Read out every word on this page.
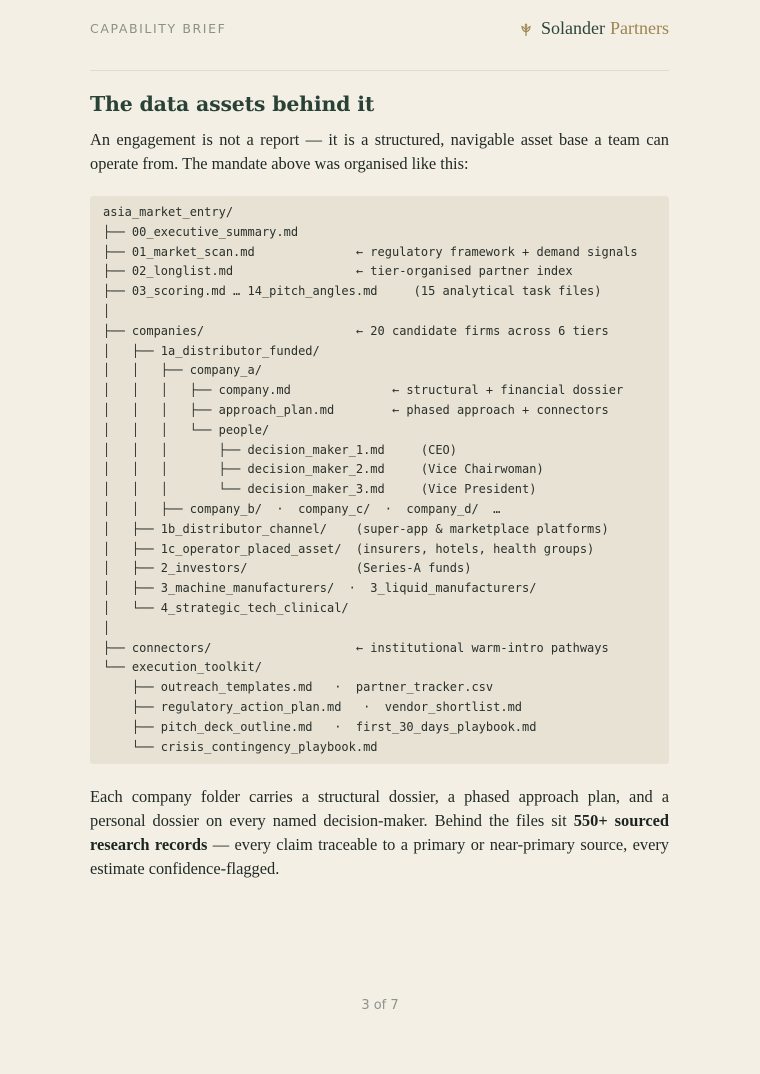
CAPABILITY BRIEF	Solander Partners
The data assets behind it

An engagement is not a report — it is a structured, navigable asset base a team can operate from. The mandate above was organised like this:

asia_market_entry/
├── 00_executive_summary.md
├── 01_market_scan.md              ← regulatory framework + demand signals
├── 02_longlist.md                 ← tier-organised partner index
├── 03_scoring.md … 14_pitch_angles.md     (15 analytical task files)
│
├── companies/                     ← 20 candidate firms across 6 tiers
│   ├── 1a_distributor_funded/
│   │   ├── company_a/
│   │   │   ├── company.md              ← structural + financial dossier
│   │   │   ├── approach_plan.md        ← phased approach + connectors
│   │   │   └── people/
│   │   │       ├── decision_maker_1.md     (CEO)
│   │   │       ├── decision_maker_2.md     (Vice Chairwoman)
│   │   │       └── decision_maker_3.md     (Vice President)
│   │   ├── company_b/  ·  company_c/  ·  company_d/  …
│   ├── 1b_distributor_channel/    (super-app & marketplace platforms)
│   ├── 1c_operator_placed_asset/  (insurers, hotels, health groups)
│   ├── 2_investors/               (Series-A funds)
│   ├── 3_machine_manufacturers/  ·  3_liquid_manufacturers/
│   └── 4_strategic_tech_clinical/
│
├── connectors/                    ← institutional warm-intro pathways
└── execution_toolkit/
├── outreach_templates.md   ·  partner_tracker.csv
├── regulatory_action_plan.md   ·  vendor_shortlist.md
├── pitch_deck_outline.md   ·  first_30_days_playbook.md
└── crisis_contingency_playbook.md

Each company folder carries a structural dossier, a phased approach plan, and a personal dossier on every named decision-maker. Behind the files sit 550+ sourced research records — every claim traceable to a primary or near-primary source, every estimate confidence-flagged.

3 of 7
